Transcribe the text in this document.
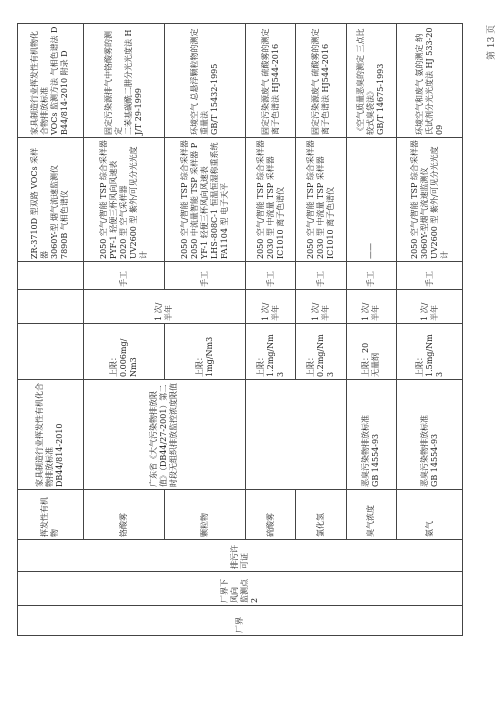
厂界	厂界下风向
监测点 2	排污许可证	挥发性有机物	家具制造行业挥发性有机化合物排放标准
DB44/814-2010				ZR-3710D 型双路 VOCs 采样器
3060Y-型 烟气流速监测仪
7890B 气相色谱仪	家具制造行业挥发性有机物化合物排放标准
VOCs 监测方法 气相色谱法 DB44/814-2010 附录 D
			铬酸雾	广东省《大气污染物排放限值》（DB44/27-2001）第二时段无组织排放监控浓度限值	上限：
0.006mg/
Nm3	1 次/
半年	手工	2050 空气/智能 TSP 综合采样器
PYF-1 轻便三杯风向风速表
2020 型 空气采样器
UV2600 型 紫外/可见分光光度计	固定污染源排气中铬酸雾的测定
二苯基碳酰二肼分光光度法 HJ/T 29-1999
			颗粒物		上限：
1mg/Nm3		手工	2050 空气/智能 TSP 综合采样器
2050 中流量智能 TSP 采样器 PYF-1 轻便三杯风向风速表
LHS-808C-1 恒温恒湿称重系统
FA1104 型 电子天平	环境空气 总悬浮颗粒物的测定 重量法
GB/T 15432-1995
			硫酸雾		上限：
1.2mg/Nm
3	1 次/
半年	手工	2050 空气/智能 TSP 综合采样器
2030 型 中流量 TSP 采样器
IC1010 离子色谱仪	固定污染源废气 硫酸雾的测定
离子色谱法 HJ544-2016
			氯化氢		上限：
0.2mg/Nm
3	1 次/
半年	手工	2050 空气/智能 TSP 综合采样器
2030 型 中流量 TSP 采样器
IC1010 离子色谱仪	固定污染源废气 硫酸雾的测定
离子色谱法 HJ544-2016
			臭气浓度	恶臭污染物排放标准
GB 14554-93	上限：20
无量纲	1 次/
半年	手工	——	《空气质量恶臭的测定 三点比较式臭袋法》
GB/T 14675-1993
			氨气	恶臭污染物排放标准
GB 14554-93	上限：
1.5mg/Nm
3	1 次/
半年	手工	2050 空气/智能 TSP 综合采样器 3060Y-型烟气流速监测仪
UV2600 型 紫外/可见分光光度计	环境空气和废气 氨的测定 纳氏试剂分光光度法 HJ 533-2009
第 13 页
